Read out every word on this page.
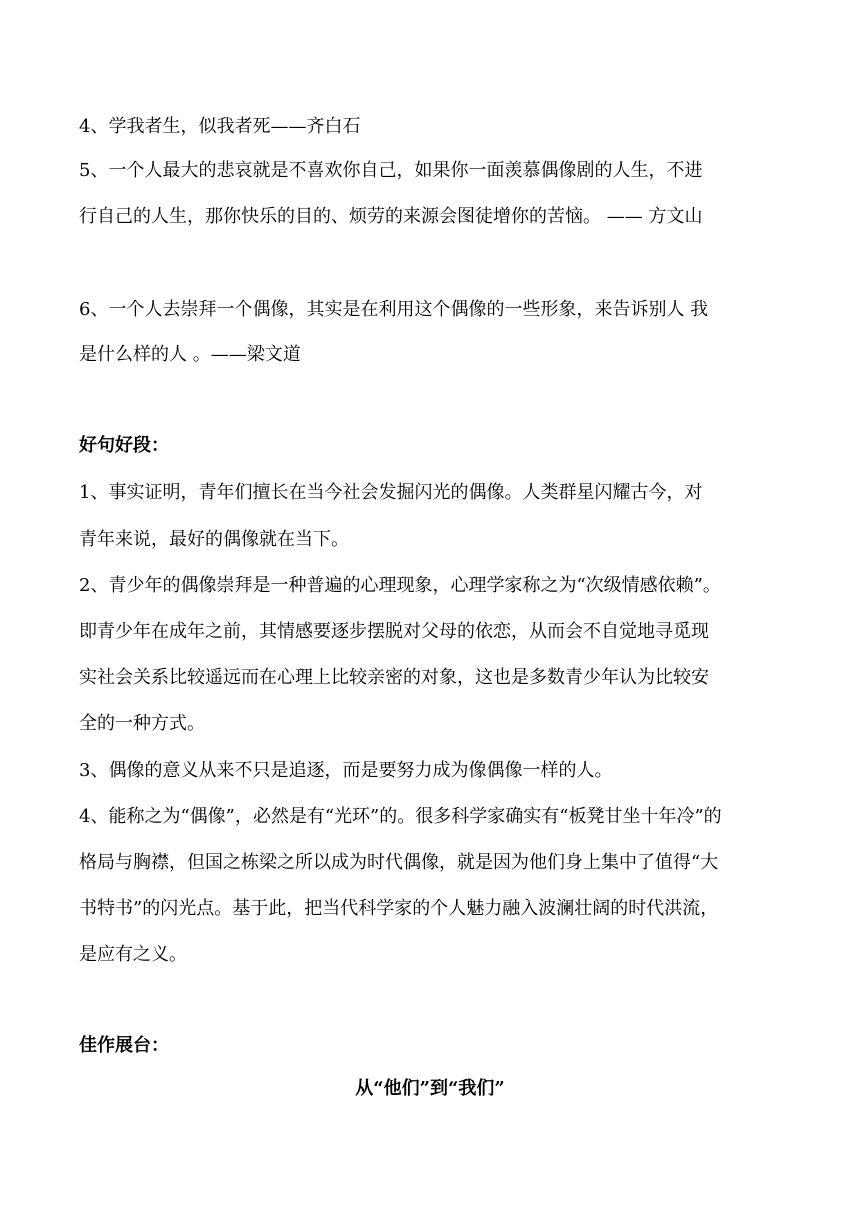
4、学我者生，似我者死——齐白石
5、一个人最大的悲哀就是不喜欢你自己，如果你一面羡慕偶像剧的人生，不进
行自己的人生，那你快乐的目的、烦劳的来源会图徒增你的苦恼。 —— 方文山
6、一个人去崇拜一个偶像，其实是在利用这个偶像的一些形象，来告诉别人 我
是什么样的人 。——梁文道
好句好段：
1、事实证明，青年们擅长在当今社会发掘闪光的偶像。人类群星闪耀古今，对
青年来说，最好的偶像就在当下。
2、青少年的偶像崇拜是一种普遍的心理现象，心理学家称之为“次级情感依赖”。
即青少年在成年之前，其情感要逐步摆脱对父母的依恋，从而会不自觉地寻觅现
实社会关系比较遥远而在心理上比较亲密的对象，这也是多数青少年认为比较安
全的一种方式。
3、偶像的意义从来不只是追逐，而是要努力成为像偶像一样的人。
4、能称之为“偶像”，必然是有“光环”的。很多科学家确实有“板凳甘坐十年冷”的
格局与胸襟，但国之栋梁之所以成为时代偶像，就是因为他们身上集中了值得“大
书特书”的闪光点。基于此，把当代科学家的个人魅力融入波澜壮阔的时代洪流，
是应有之义。
佳作展台：
从“他们”到“我们”
